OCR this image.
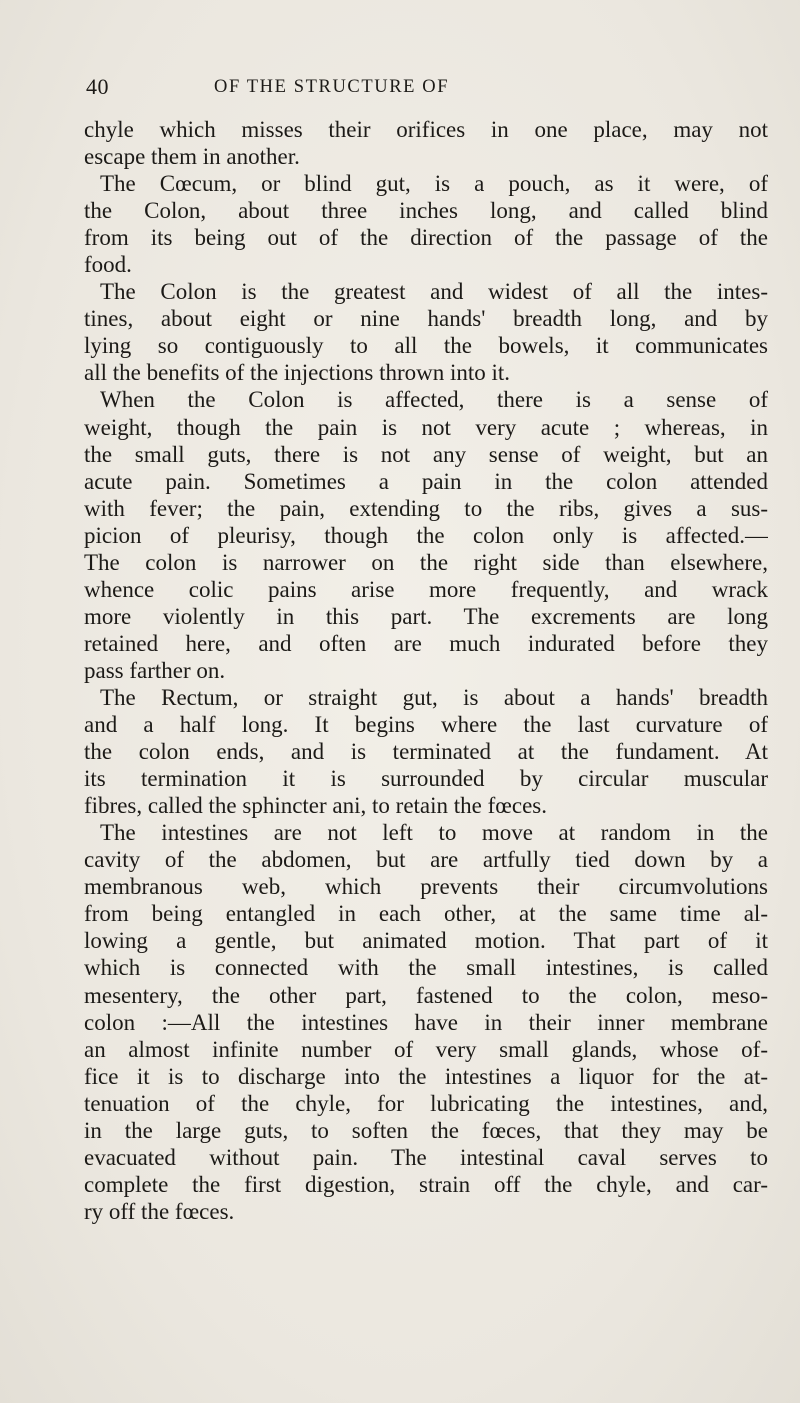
40	OF THE STRUCTURE OF
chyle which misses their orifices in one place, may not
escape them in another.
The Cœcum, or blind gut, is a pouch, as it were, of
the Colon, about three inches long, and called blind
from its being out of the direction of the passage of the
food.
The Colon is the greatest and widest of all the intes-
tines, about eight or nine hands' breadth long, and by
lying so contiguously to all the bowels, it communicates
all the benefits of the injections thrown into it.
When the Colon is affected, there is a sense of
weight, though the pain is not very acute ; whereas, in
the small guts, there is not any sense of weight, but an
acute pain. Sometimes a pain in the colon attended
with fever; the pain, extending to the ribs, gives a sus-
picion of pleurisy, though the colon only is affected.—
The colon is narrower on the right side than elsewhere,
whence colic pains arise more frequently, and wrack
more violently in this part. The excrements are long
retained here, and often are much indurated before they
pass farther on.
The Rectum, or straight gut, is about a hands' breadth
and a half long. It begins where the last curvature of
the colon ends, and is terminated at the fundament. At
its termination it is surrounded by circular muscular
fibres, called the sphincter ani, to retain the fœces.
The intestines are not left to move at random in the
cavity of the abdomen, but are artfully tied down by a
membranous web, which prevents their circumvolutions
from being entangled in each other, at the same time al-
lowing a gentle, but animated motion. That part of it
which is connected with the small intestines, is called
mesentery, the other part, fastened to the colon, meso-
colon :—All the intestines have in their inner membrane
an almost infinite number of very small glands, whose of-
fice it is to discharge into the intestines a liquor for the at-
tenuation of the chyle, for lubricating the intestines, and,
in the large guts, to soften the fœces, that they may be
evacuated without pain. The intestinal caval serves to
complete the first digestion, strain off the chyle, and car-
ry off the fœces.
